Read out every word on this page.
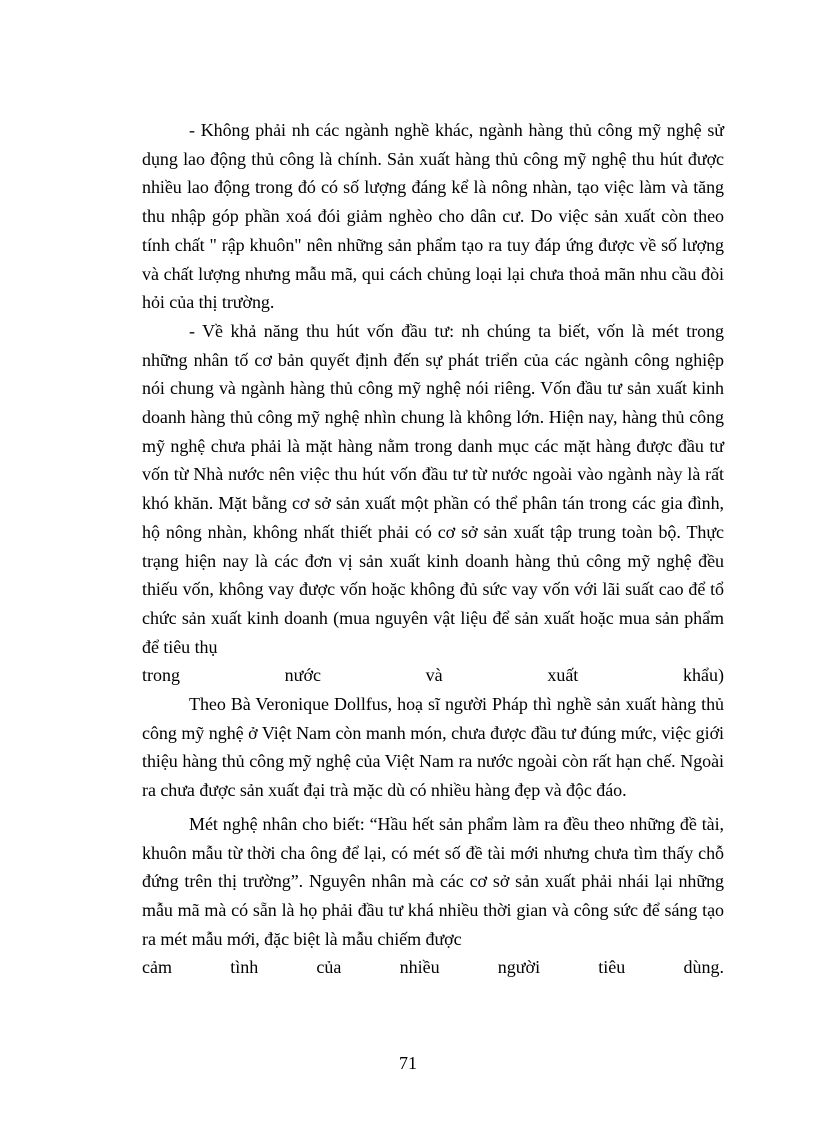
- Không phải nh các ngành nghề khác, ngành hàng thủ công mỹ nghệ sử dụng lao động thủ công là chính. Sản xuất hàng thủ công mỹ nghệ thu hút được nhiều lao động trong đó có số lượng đáng kể là nông nhàn, tạo việc làm và tăng thu nhập góp phần xoá đói giảm nghèo cho dân cư. Do việc sản xuất còn theo tính chất " rập khuôn" nên những sản phẩm tạo ra tuy đáp ứng được về số lượng và chất lượng nhưng mẫu mã, qui cách chủng loại lại chưa thoả mãn nhu cầu đòi hỏi của thị trường.

- Về khả năng thu hút vốn đầu tư: nh chúng ta biết, vốn là mét trong những nhân tố cơ bản quyết định đến sự phát triển của các ngành công nghiệp nói chung và ngành hàng thủ công mỹ nghệ nói riêng. Vốn đầu tư sản xuất kinh doanh hàng thủ công mỹ nghệ nhìn chung là không lớn. Hiện nay, hàng thủ công mỹ nghệ chưa phải là mặt hàng nằm trong danh mục các mặt hàng được đầu tư vốn từ Nhà nước nên việc thu hút vốn đầu tư từ nước ngoài vào ngành này là rất khó khăn. Mặt bằng cơ sở sản xuất một phần có thể phân tán trong các gia đình, hộ nông nhàn, không nhất thiết phải có cơ sở sản xuất tập trung toàn bộ. Thực trạng hiện nay là các đơn vị sản xuất kinh doanh hàng thủ công mỹ nghệ đều thiếu vốn, không vay được vốn hoặc không đủ sức vay vốn với lãi suất cao để tổ chức sản xuất kinh doanh (mua nguyên vật liệu để sản xuất hoặc mua sản phẩm để tiêu thụ

trong nước và xuất khẩu)

Theo Bà Veronique Dollfus, hoạ sĩ người Pháp thì nghề sản xuất hàng thủ công mỹ nghệ ở Việt Nam còn manh món, chưa được đầu tư đúng mức, việc giới thiệu hàng thủ công mỹ nghệ của Việt Nam ra nước ngoài còn rất hạn chế. Ngoài ra chưa được sản xuất đại trà mặc dù có nhiều hàng đẹp và độc đáo.

Mét nghệ nhân cho biết: “Hầu hết sản phẩm làm ra đều theo những đề tài, khuôn mẫu từ thời cha ông để lại, có mét số đề tài mới nhưng chưa tìm thấy chỗ đứng trên thị trường”. Nguyên nhân mà các cơ sở sản xuất phải nhái lại những mẫu mã mà có sẵn là họ phải đầu tư khá nhiều thời gian và công sức để sáng tạo ra mét mẫu mới, đặc biệt là mẫu chiếm được

cảm tình của nhiều người tiêu dùng.

71
